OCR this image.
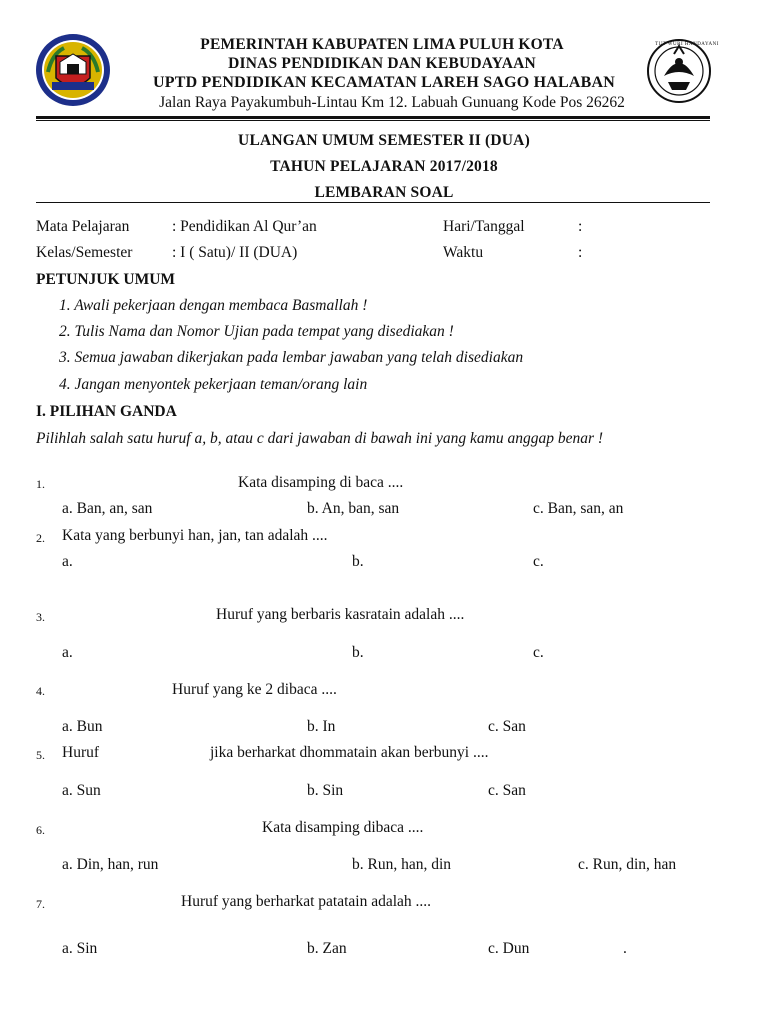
TUT WURI HANDAYANI
PEMERINTAH KABUPATEN LIMA PULUH KOTA
DINAS PENDIDIKAN DAN KEBUDAYAAN
UPTD PENDIDIKAN KECAMATAN LAREH SAGO HALABAN
Jalan Raya Payakumbuh-Lintau Km 12. Labuah Gunuang Kode Pos 26262
ULANGAN UMUM SEMESTER II (DUA)
TAHUN PELAJARAN 2017/2018
LEMBARAN SOAL
Mata Pelajaran	: Pendidikan Al Qur’an	Hari/Tanggal	:
Kelas/Semester	: I ( Satu)/ II (DUA)	Waktu	:
PETUNJUK UMUM
1. Awali pekerjaan dengan membaca Basmallah !
2. Tulis Nama dan Nomor Ujian pada tempat yang disediakan !
3. Semua jawaban dikerjakan pada lembar jawaban yang telah disediakan
4. Jangan menyontek pekerjaan teman/orang lain
I. PILIHAN GANDA
Pilihlah salah satu huruf a, b, atau c dari jawaban di bawah ini yang kamu anggap benar !
1.	Kata disamping di baca ....
a. Ban, an, san	b. An, ban, san	c. Ban, san, an
2. Kata yang berbunyi han, jan, tan adalah ....
a.	b.	c.
3.	Huruf yang berbaris kasratain adalah ....
a.	b.	c.
4.	Huruf yang ke 2 dibaca ....
a. Bun	b. In	c. San
5. Huruf	jika berharkat dhommatain akan berbunyi ....
a. Sun	b. Sin	c. San
6.	Kata disamping dibaca ....
a. Din, han, run	b. Run, han, din	c. Run, din, han
7.	Huruf yang berharkat patatain adalah ....
a. Sin	b. Zan	c. Dun	.
